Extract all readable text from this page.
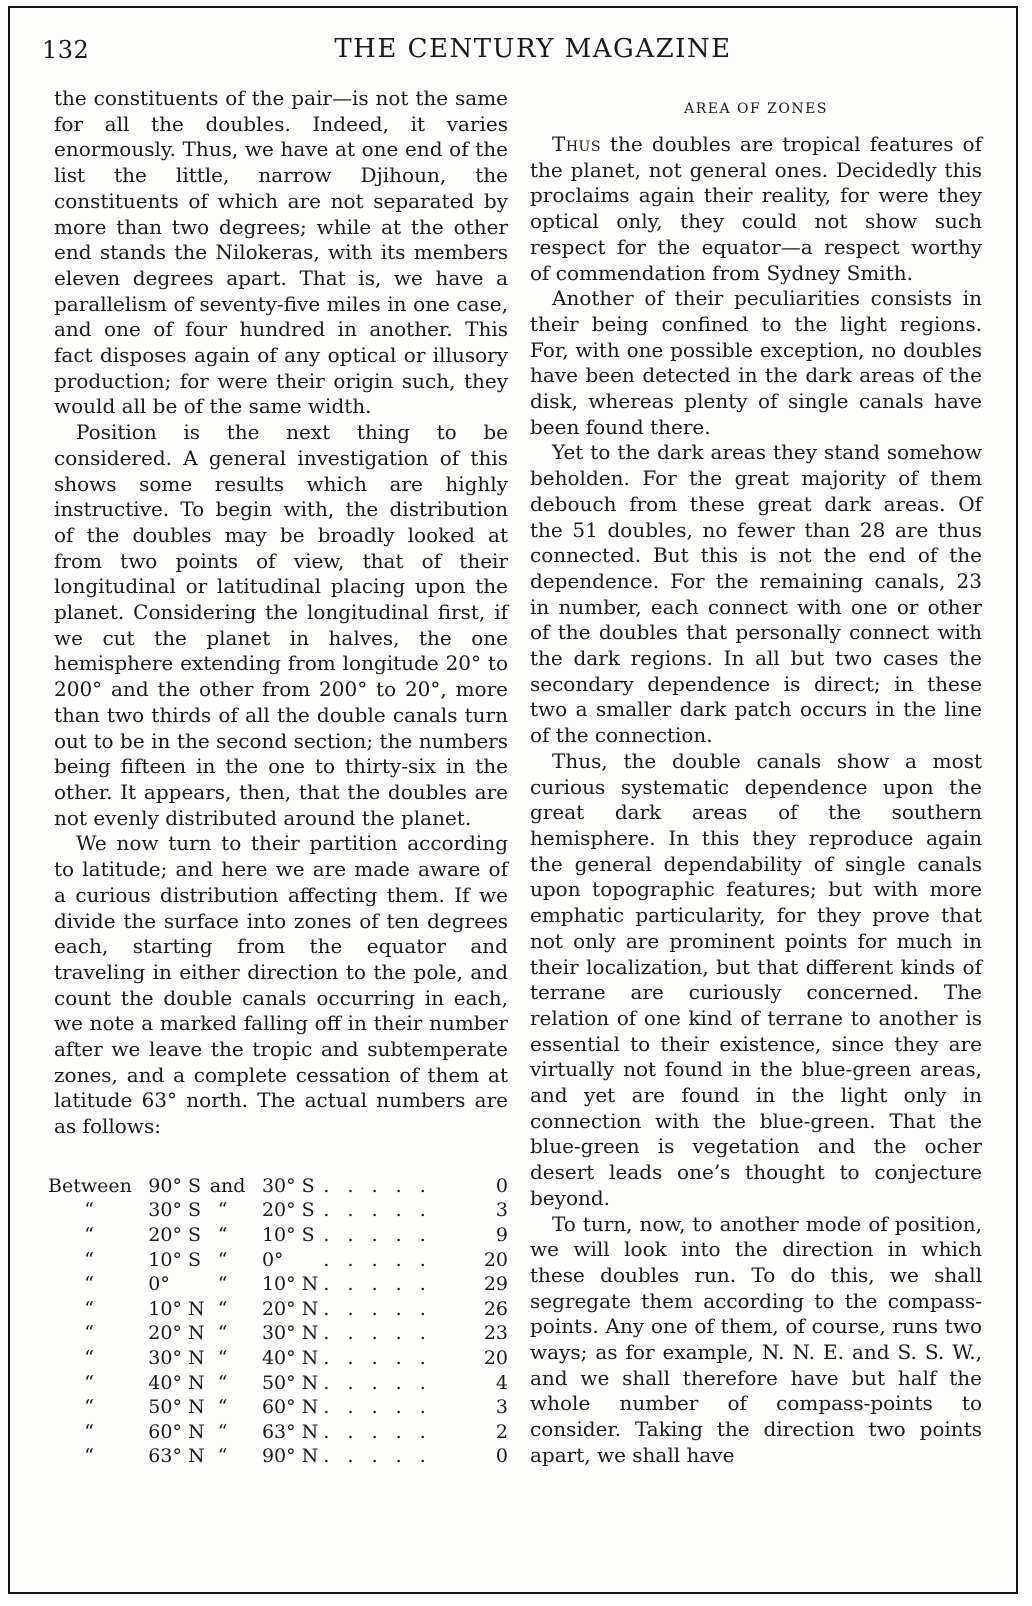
132	THE CENTURY MAGAZINE

the constituents of the pair—is not the same for all the doubles. Indeed, it varies enormously. Thus, we have at one end of the list the little, narrow Djihoun, the constituents of which are not separated by more than two degrees; while at the other end stands the Nilokeras, with its members eleven degrees apart. That is, we have a parallelism of seventy-five miles in one case, and one of four hundred in another. This fact disposes again of any optical or illusory production; for were their origin such, they would all be of the same width.

Position is the next thing to be considered. A general investigation of this shows some results which are highly instructive. To begin with, the distribution of the doubles may be broadly looked at from two points of view, that of their longitudinal or latitudinal placing upon the planet. Considering the longitudinal first, if we cut the planet in halves, the one hemisphere extending from longitude 20° to 200° and the other from 200° to 20°, more than two thirds of all the double canals turn out to be in the second section; the numbers being fifteen in the one to thirty-six in the other. It appears, then, that the doubles are not evenly distributed around the planet.

We now turn to their partition according to latitude; and here we are made aware of a curious distribution affecting them. If we divide the surface into zones of ten degrees each, starting from the equator and traveling in either direction to the pole, and count the double canals occurring in each, we note a marked falling off in their number after we leave the tropic and subtemperate zones, and a complete cessation of them at latitude 63° north. The actual numbers are as follows:

Between	90° S	and	30° S	. . . . .	0
“	30° S	“	20° S	. . . . .	3
“	20° S	“	10° S	. . . . .	9
“	10° S	“	0°	. . . . .	20
“	0°	“	10° N	. . . . .	29
“	10° N	“	20° N	. . . . .	26
“	20° N	“	30° N	. . . . .	23
“	30° N	“	40° N	. . . . .	20
“	40° N	“	50° N	. . . . .	4
“	50° N	“	60° N	. . . . .	3
“	60° N	“	63° N	. . . . .	2
“	63° N	“	90° N	. . . . .	0
AREA OF ZONES

Thus the doubles are tropical features of the planet, not general ones. Decidedly this proclaims again their reality, for were they optical only, they could not show such respect for the equator—a respect worthy of commendation from Sydney Smith.

Another of their peculiarities consists in their being confined to the light regions. For, with one possible exception, no doubles have been detected in the dark areas of the disk, whereas plenty of single canals have been found there.

Yet to the dark areas they stand somehow beholden. For the great majority of them debouch from these great dark areas. Of the 51 doubles, no fewer than 28 are thus connected. But this is not the end of the dependence. For the remaining canals, 23 in number, each connect with one or other of the doubles that personally connect with the dark regions. In all but two cases the secondary dependence is direct; in these two a smaller dark patch occurs in the line of the connection.

Thus, the double canals show a most curious systematic dependence upon the great dark areas of the southern hemisphere. In this they reproduce again the general dependability of single canals upon topographic features; but with more emphatic particularity, for they prove that not only are prominent points for much in their localization, but that different kinds of terrane are curiously concerned. The relation of one kind of terrane to another is essential to their existence, since they are virtually not found in the blue-green areas, and yet are found in the light only in connection with the blue-green. That the blue-green is vegetation and the ocher desert leads one’s thought to conjecture beyond.

To turn, now, to another mode of position, we will look into the direction in which these doubles run. To do this, we shall segregate them according to the compass-points. Any one of them, of course, runs two ways; as for example, N. N. E. and S. S. W., and we shall therefore have but half the whole number of compass-points to consider. Taking the direction two points apart, we shall have
